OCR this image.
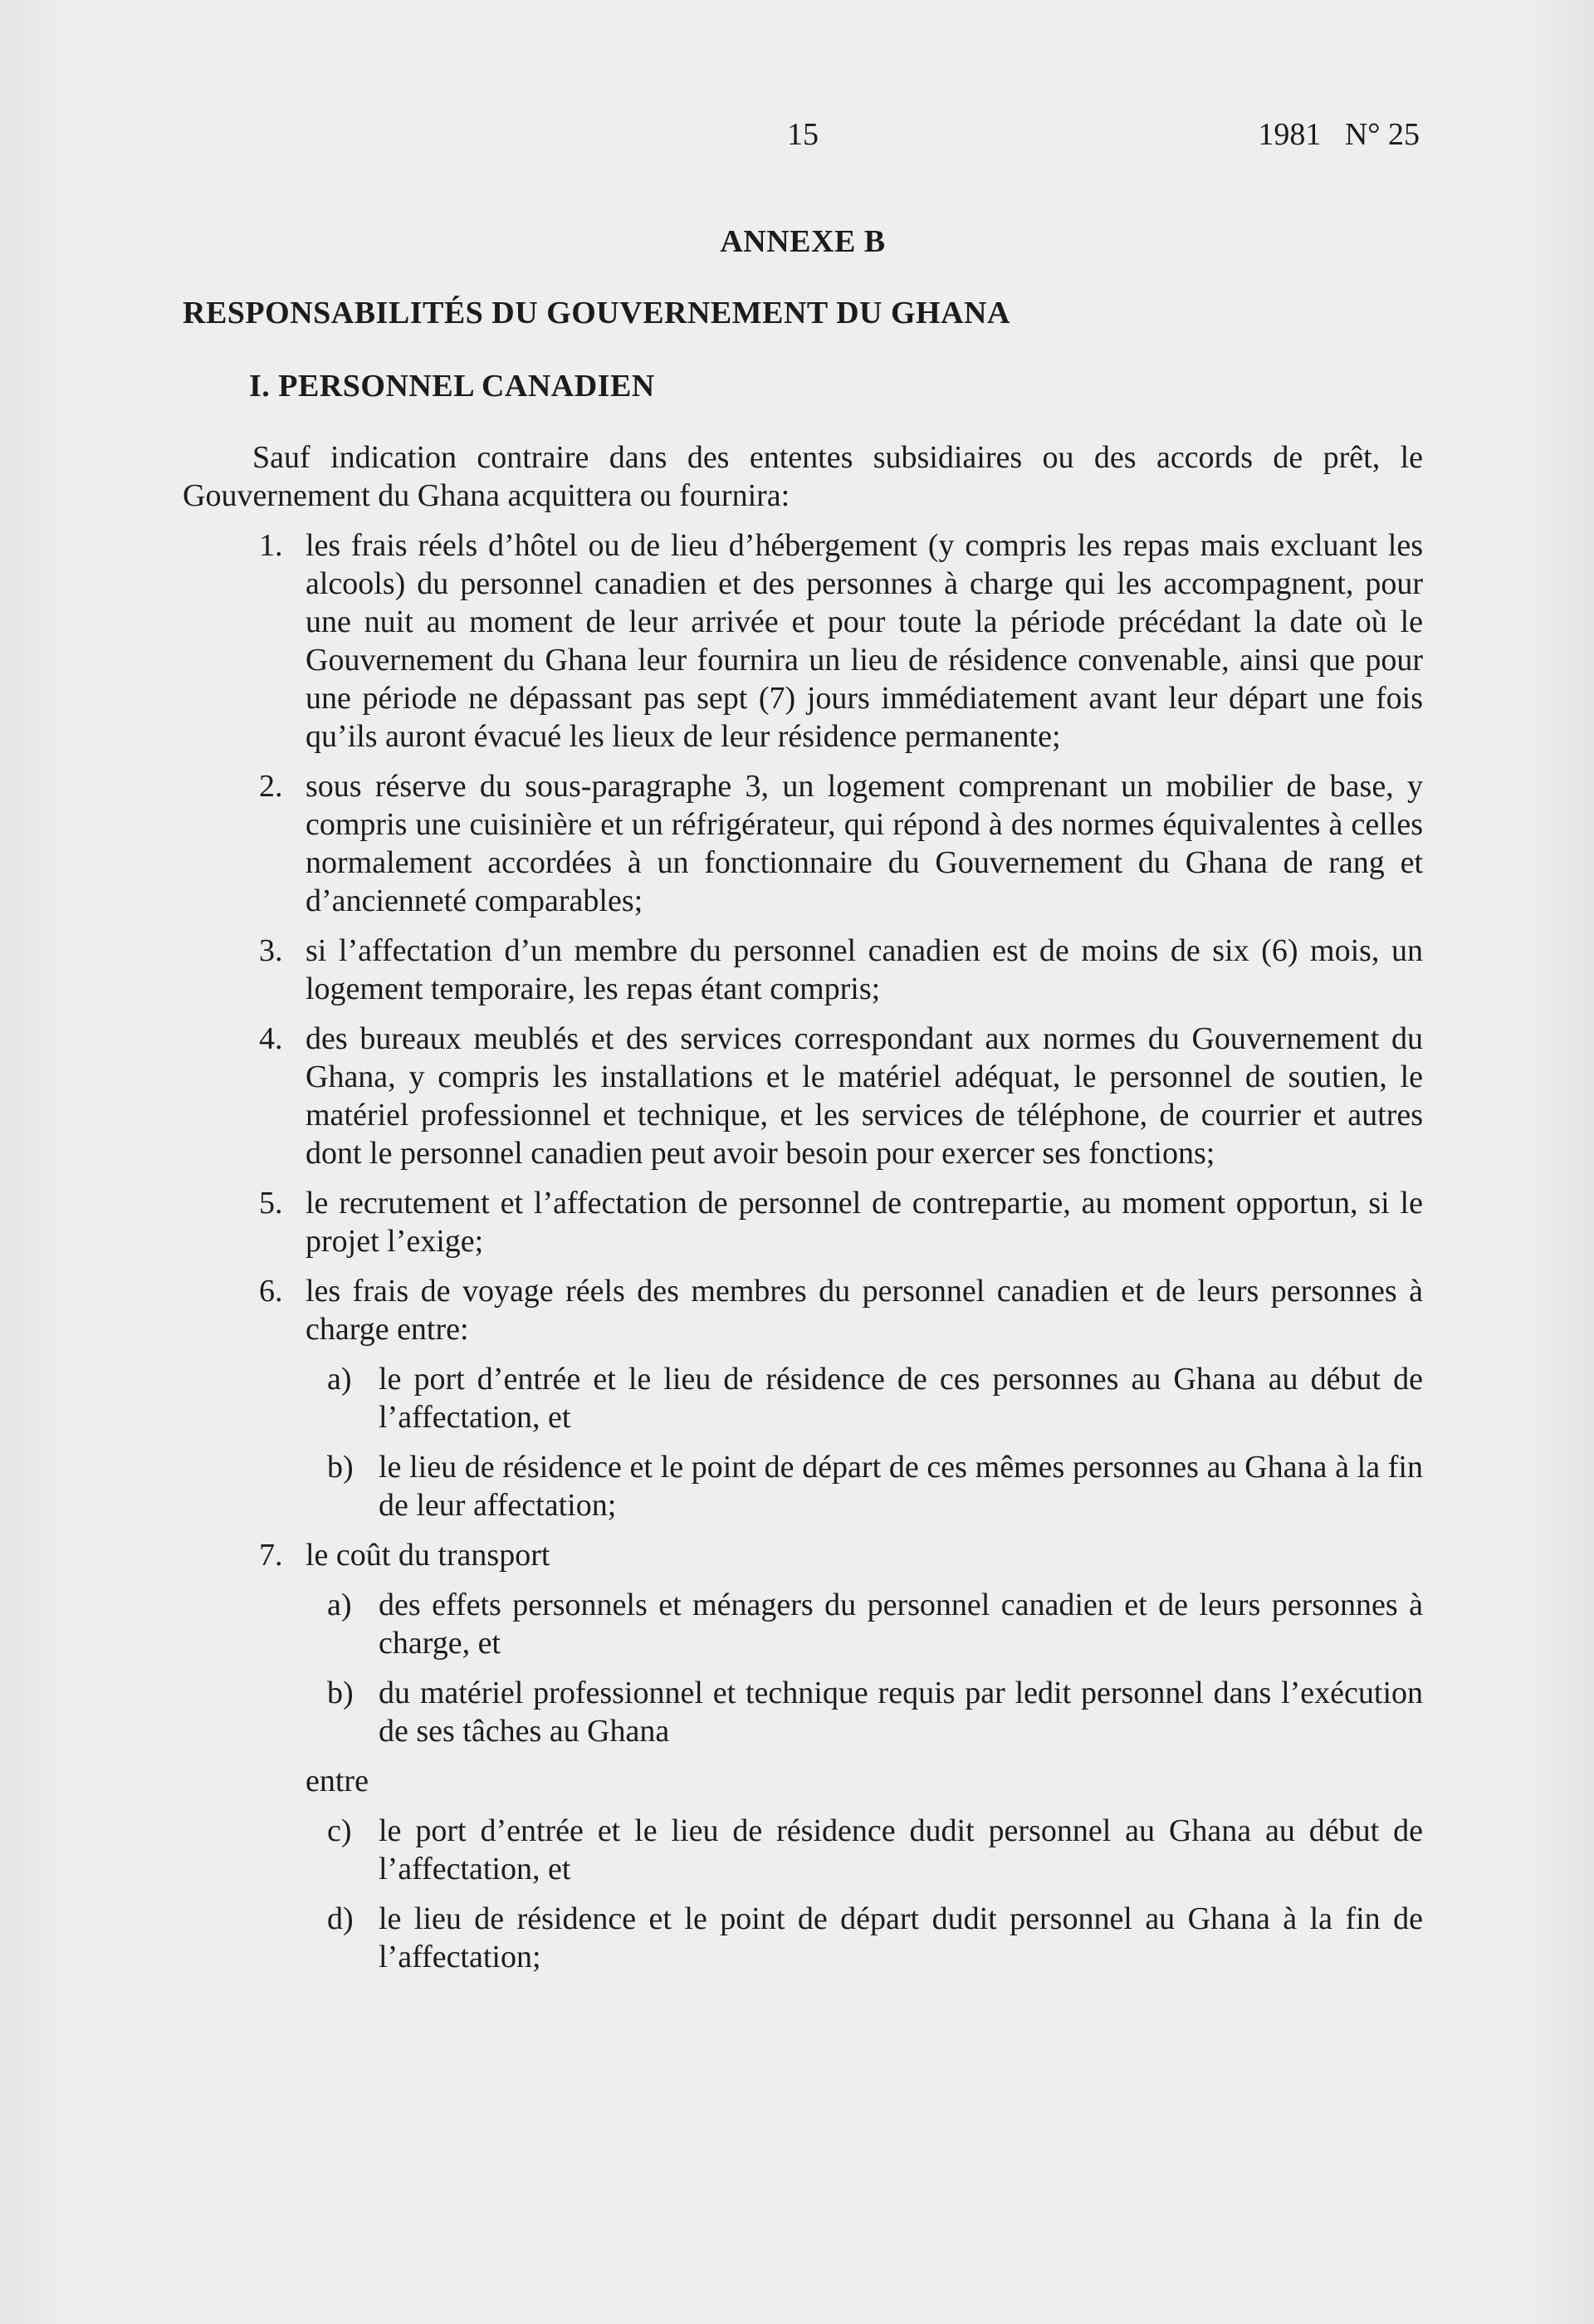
15	1981   N° 25
ANNEXE B
RESPONSABILITÉS DU GOUVERNEMENT DU GHANA
I. PERSONNEL CANADIEN

Sauf indication contraire dans des ententes subsidiaires ou des accords de prêt, le Gouvernement du Ghana acquittera ou fournira:

1. les frais réels d’hôtel ou de lieu d’hébergement (y compris les repas mais excluant les alcools) du personnel canadien et des personnes à charge qui les accompagnent, pour une nuit au moment de leur arrivée et pour toute la période précédant la date où le Gouvernement du Ghana leur fournira un lieu de résidence convenable, ainsi que pour une période ne dépassant pas sept (7) jours immédiatement avant leur départ une fois qu’ils auront évacué les lieux de leur résidence permanente;
2. sous réserve du sous-paragraphe 3, un logement comprenant un mobilier de base, y compris une cuisinière et un réfrigérateur, qui répond à des normes équivalentes à celles normalement accordées à un fonctionnaire du Gouvernement du Ghana de rang et d’ancienneté comparables;
3. si l’affectation d’un membre du personnel canadien est de moins de six (6) mois, un logement temporaire, les repas étant compris;
4. des bureaux meublés et des services correspondant aux normes du Gouvernement du Ghana, y compris les installations et le matériel adéquat, le personnel de soutien, le matériel professionnel et technique, et les services de téléphone, de courrier et autres dont le personnel canadien peut avoir besoin pour exercer ses fonctions;
5. le recrutement et l’affectation de personnel de contrepartie, au moment opportun, si le projet l’exige;
6. les frais de voyage réels des membres du personnel canadien et de leurs personnes à charge entre:
a) le port d’entrée et le lieu de résidence de ces personnes au Ghana au début de l’affectation, et
b) le lieu de résidence et le point de départ de ces mêmes personnes au Ghana à la fin de leur affectation;
7. le coût du transport
a) des effets personnels et ménagers du personnel canadien et de leurs personnes à charge, et
b) du matériel professionnel et technique requis par ledit personnel dans l’exécution de ses tâches au Ghana
entre
c) le port d’entrée et le lieu de résidence dudit personnel au Ghana au début de l’affectation, et
d) le lieu de résidence et le point de départ dudit personnel au Ghana à la fin de l’affectation;
